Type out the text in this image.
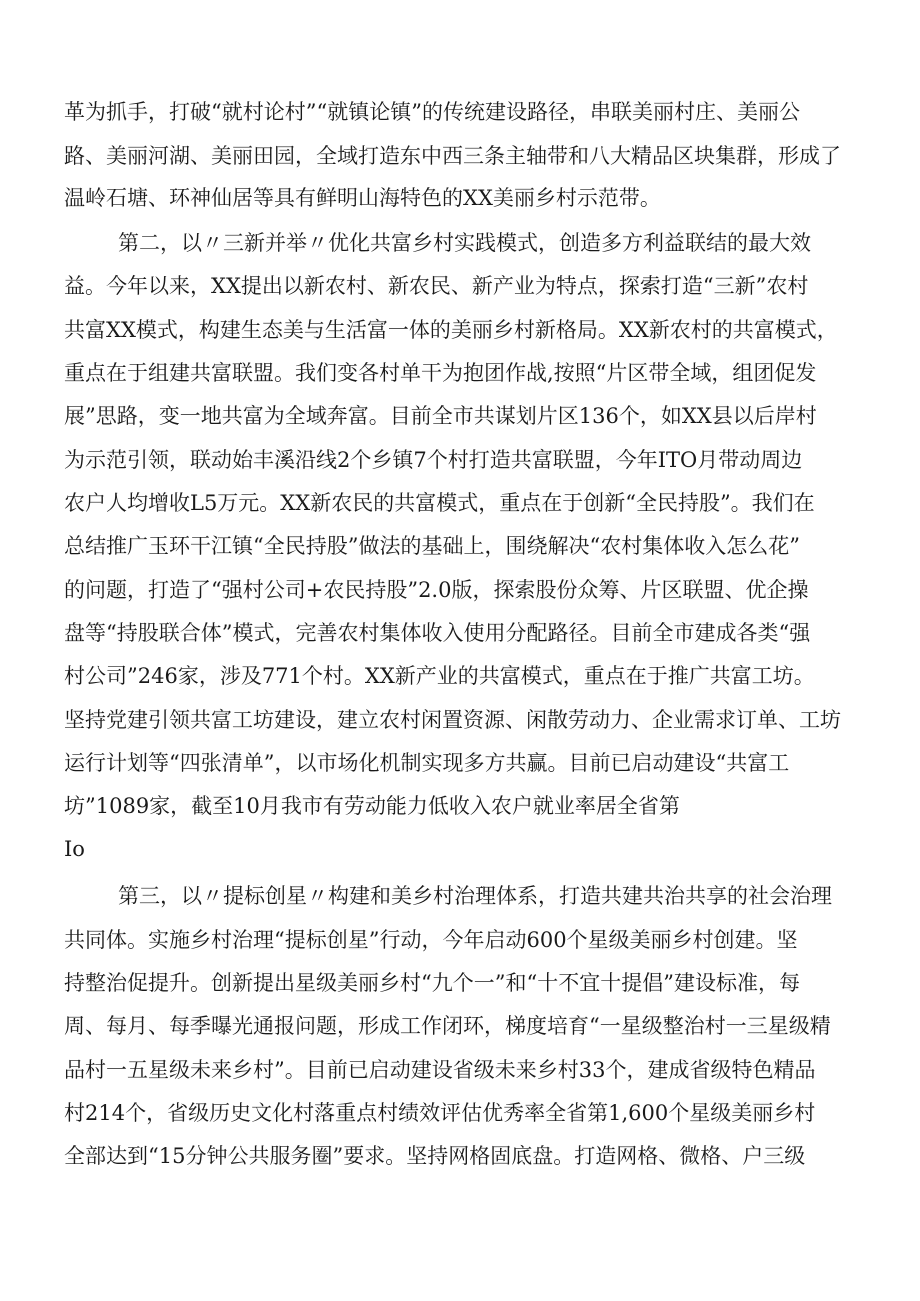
革为抓手，打破“就村论村”“就镇论镇”的传统建设路径，串联美丽村庄、美丽公
路、美丽河湖、美丽田园，全域打造东中西三条主轴带和八大精品区块集群，形成了
温岭石塘、环神仙居等具有鲜明山海特色的XX美丽乡村示范带。
第二，以〃三新并举〃优化共富乡村实践模式，创造多方利益联结的最大效
益。今年以来，XX提出以新农村、新农民、新产业为特点，探索打造“三新”农村
共富XX模式，构建生态美与生活富一体的美丽乡村新格局。XX新农村的共富模式，
重点在于组建共富联盟。我们变各村单干为抱团作战,按照“片区带全域，组团促发
展”思路，变一地共富为全域奔富。目前全市共谋划片区136个，如XX县以后岸村
为示范引领，联动始丰溪沿线2个乡镇7个村打造共富联盟，今年ITO月带动周边
农户人均增收L5万元。XX新农民的共富模式，重点在于创新“全民持股”。我们在
总结推广玉环干江镇“全民持股”做法的基础上，围绕解决“农村集体收入怎么花”
的问题，打造了“强村公司+农民持股”2.0版，探索股份众筹、片区联盟、优企操
盘等“持股联合体”模式，完善农村集体收入使用分配路径。目前全市建成各类“强
村公司”246家，涉及771个村。XX新产业的共富模式，重点在于推广共富工坊。
坚持党建引领共富工坊建设，建立农村闲置资源、闲散劳动力、企业需求订单、工坊
运行计划等“四张清单”，以市场化机制实现多方共赢。目前已启动建设“共富工
坊”1089家，截至10月我市有劳动能力低收入农户就业率居全省第
Io
第三，以〃提标创星〃构建和美乡村治理体系，打造共建共治共享的社会治理
共同体。实施乡村治理“提标创星”行动，今年启动600个星级美丽乡村创建。坚
持整治促提升。创新提出星级美丽乡村“九个一”和“十不宜十提倡”建设标准，每
周、每月、每季曝光通报问题，形成工作闭环，梯度培育“一星级整治村一三星级精
品村一五星级未来乡村”。目前已启动建设省级未来乡村33个，建成省级特色精品
村214个，省级历史文化村落重点村绩效评估优秀率全省第1,600个星级美丽乡村
全部达到“15分钟公共服务圈”要求。坚持网格固底盘。打造网格、微格、户三级
